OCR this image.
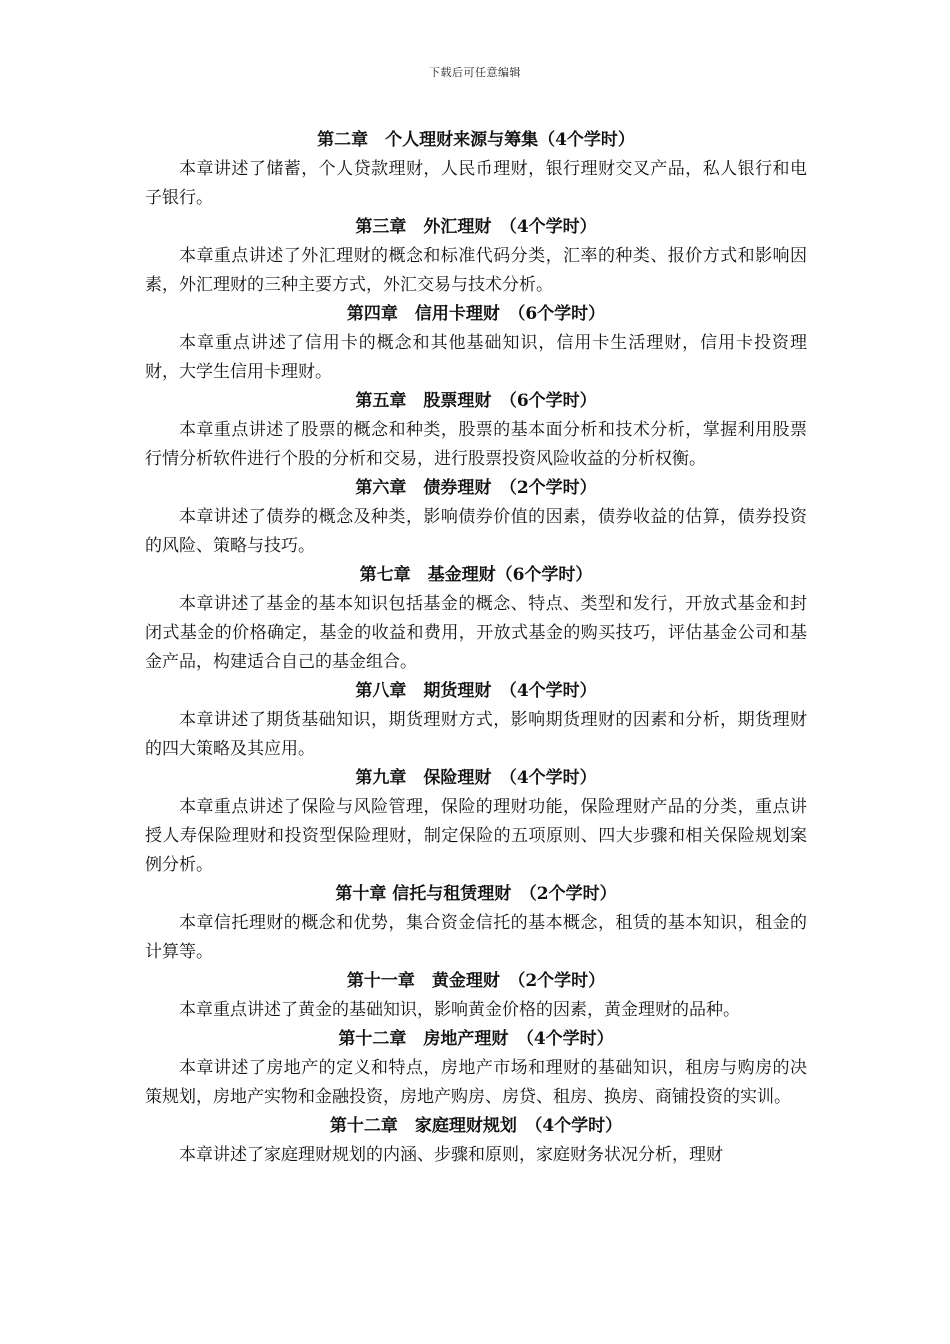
下载后可任意编辑
第二章　个人理财来源与筹集（4个学时）
本章讲述了储蓄，个人贷款理财，人民币理财，银行理财交叉产品，私人银行和电子银行。
第三章　外汇理财　（4个学时）
本章重点讲述了外汇理财的概念和标准代码分类，汇率的种类、报价方式和影响因素，外汇理财的三种主要方式，外汇交易与技术分析。
第四章　信用卡理财　（6个学时）
本章重点讲述了信用卡的概念和其他基础知识，信用卡生活理财，信用卡投资理财，大学生信用卡理财。
第五章　股票理财　（6个学时）
本章重点讲述了股票的概念和种类，股票的基本面分析和技术分析，掌握利用股票行情分析软件进行个股的分析和交易，进行股票投资风险收益的分析权衡。
第六章　债券理财　（2个学时）
本章讲述了债券的概念及种类，影响债券价值的因素，债券收益的估算，债券投资的风险、策略与技巧。
第七章　基金理财（6个学时）
本章讲述了基金的基本知识包括基金的概念、特点、类型和发行，开放式基金和封闭式基金的价格确定，基金的收益和费用，开放式基金的购买技巧，评估基金公司和基金产品，构建适合自己的基金组合。
第八章　期货理财　（4个学时）
本章讲述了期货基础知识，期货理财方式，影响期货理财的因素和分析，期货理财的四大策略及其应用。
第九章　保险理财　（4个学时）
本章重点讲述了保险与风险管理，保险的理财功能，保险理财产品的分类，重点讲授人寿保险理财和投资型保险理财，制定保险的五项原则、四大步骤和相关保险规划案例分析。
第十章 信托与租赁理财　（2个学时）
本章信托理财的概念和优势，集合资金信托的基本概念，租赁的基本知识，租金的计算等。
第十一章　黄金理财　（2个学时）
本章重点讲述了黄金的基础知识，影响黄金价格的因素，黄金理财的品种。
第十二章　房地产理财　（4个学时）
本章讲述了房地产的定义和特点，房地产市场和理财的基础知识，租房与购房的决策规划，房地产实物和金融投资，房地产购房、房贷、租房、换房、商铺投资的实训。
第十二章　家庭理财规划　（4个学时）
本章讲述了家庭理财规划的内涵、步骤和原则，家庭财务状况分析，理财
